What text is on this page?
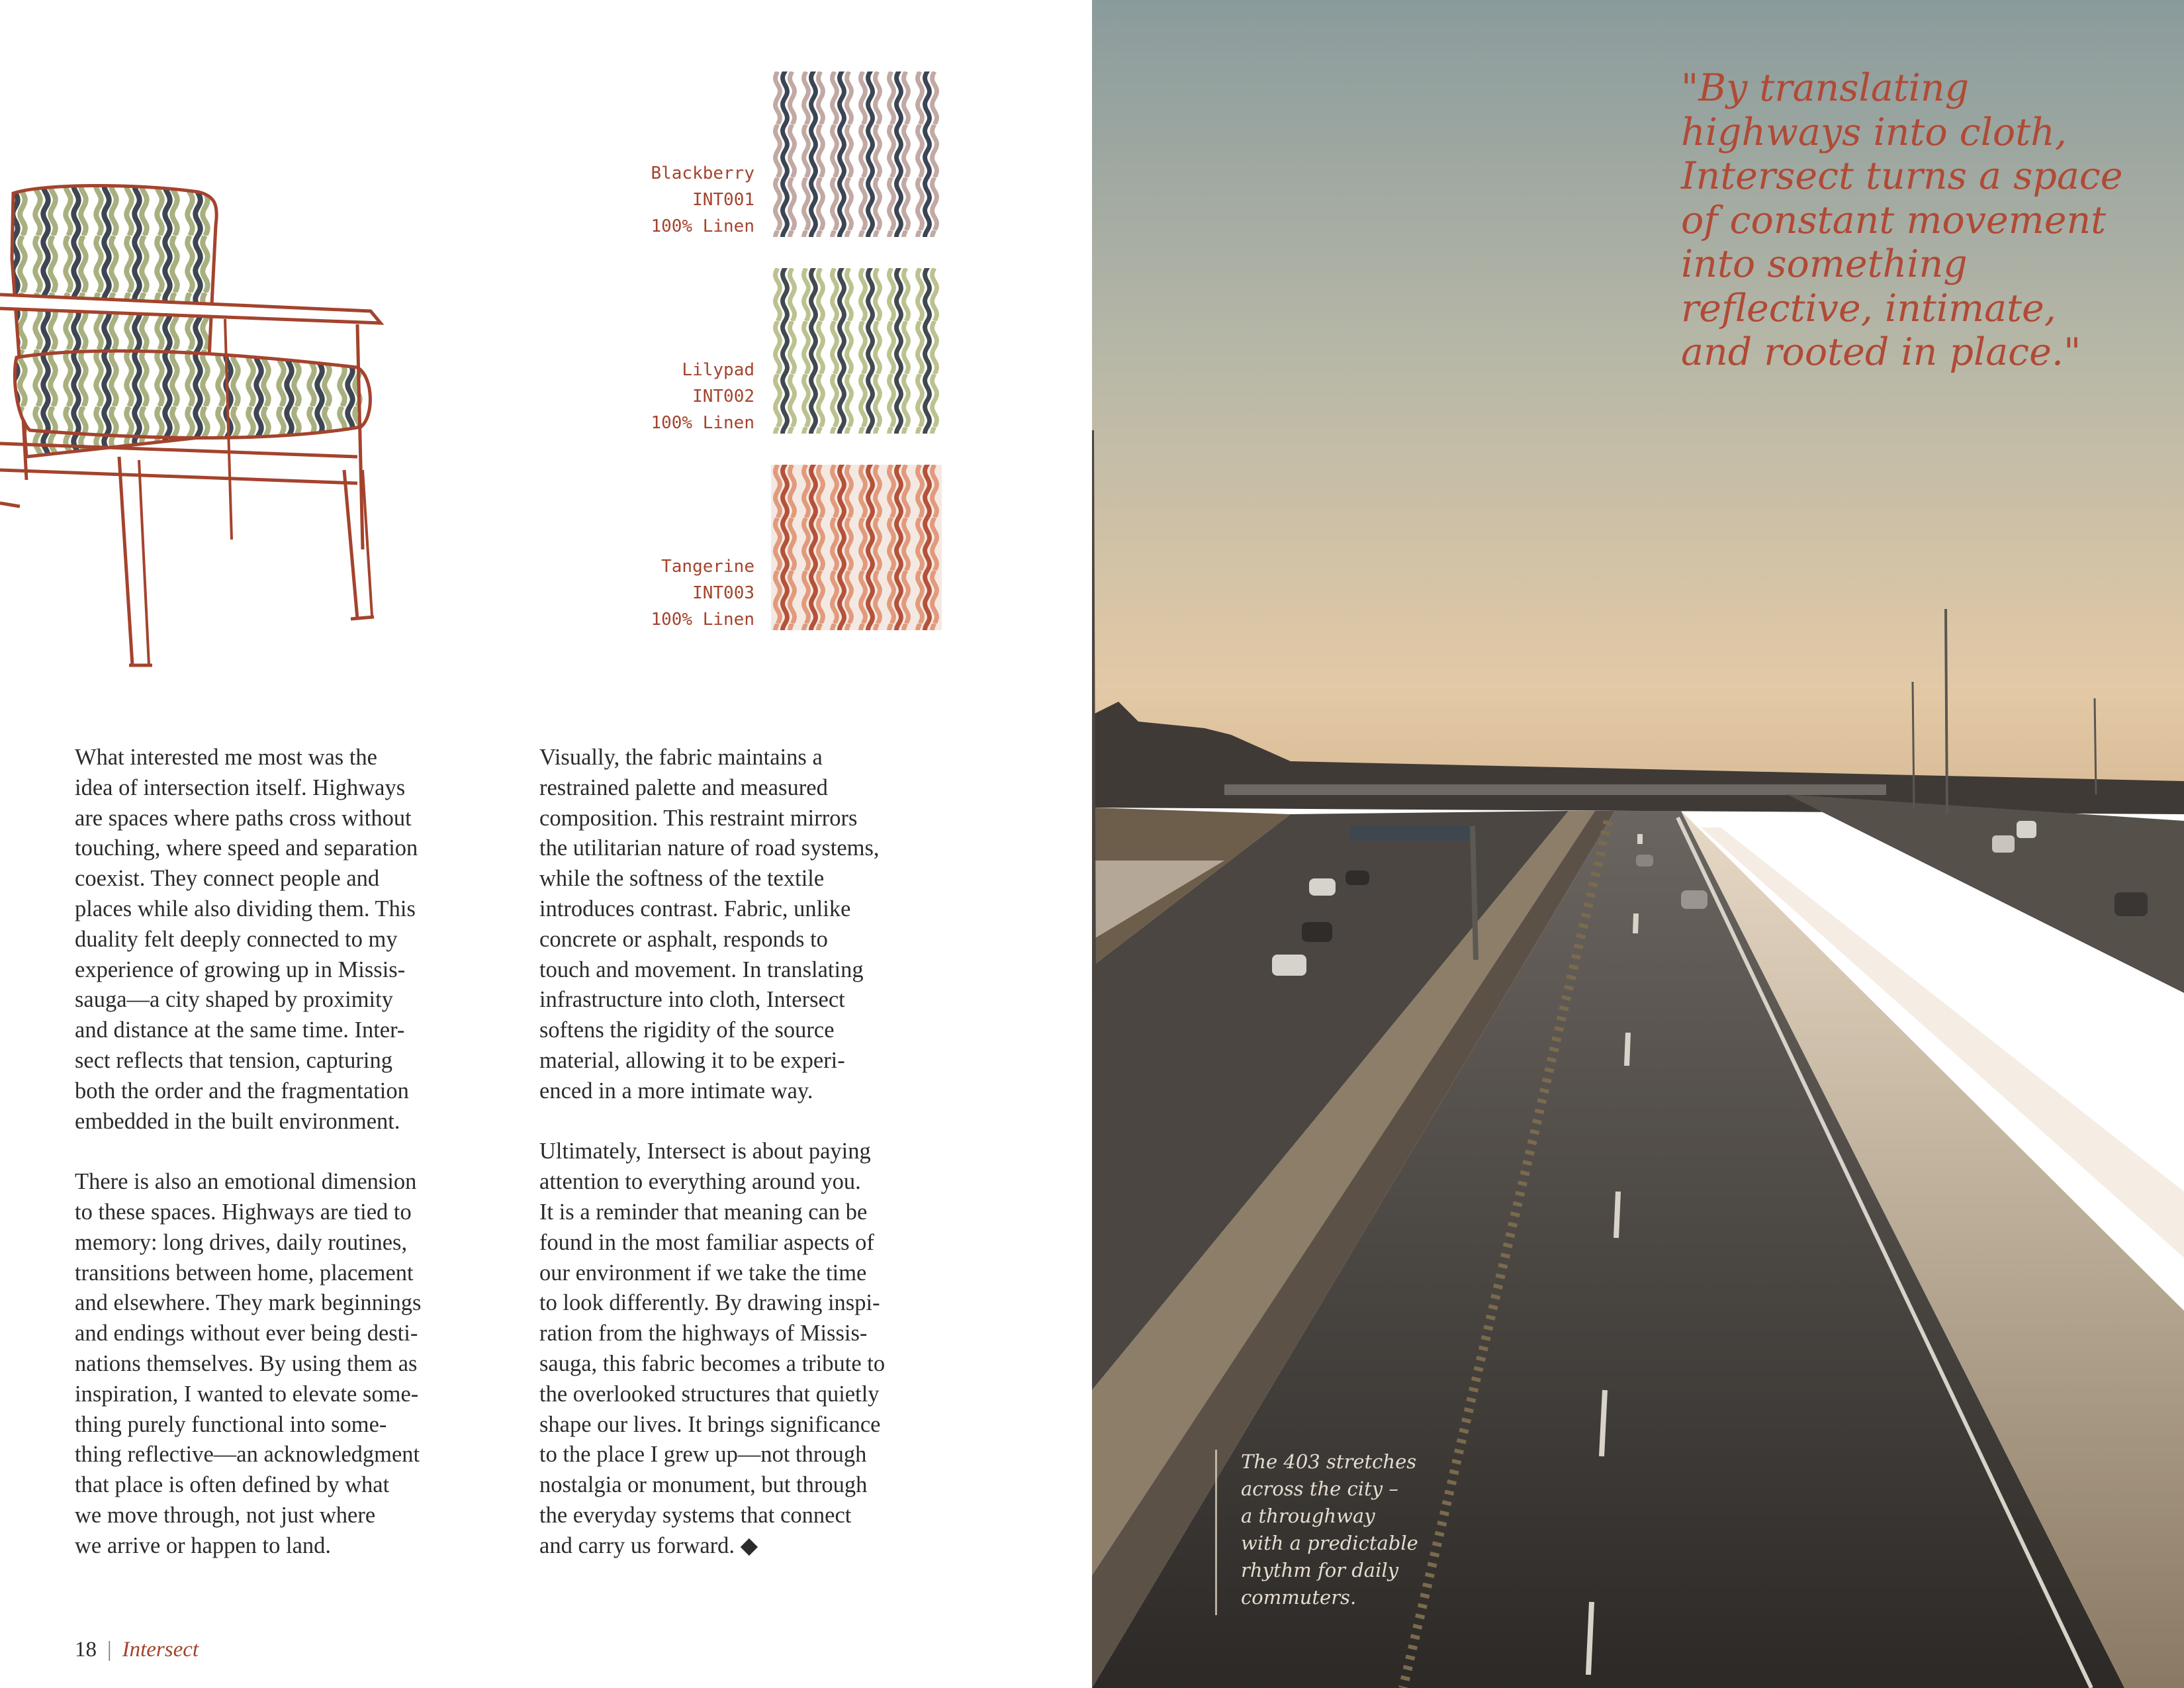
Blackberry
INT001
100% Linen
Lilypad
INT002
100% Linen
Tangerine
INT003
100% Linen

What interested me most was the
idea of intersection itself. Highways
are spaces where paths cross without
touching, where speed and separation
coexist. They connect people and
places while also dividing them. This
duality felt deeply connected to my
experience of growing up in Missis-
sauga—a city shaped by proximity
and distance at the same time. Inter-
sect reflects that tension, capturing
both the order and the fragmentation
embedded in the built environment.

There is also an emotional dimension
to these spaces. Highways are tied to
memory: long drives, daily routines,
transitions between home, placement
and elsewhere. They mark beginnings
and endings without ever being desti-
nations themselves. By using them as
inspiration, I wanted to elevate some-
thing purely functional into some-
thing reflective—an acknowledgment
that place is often defined by what
we move through, not just where
we arrive or happen to land.

Visually, the fabric maintains a
restrained palette and measured
composition. This restraint mirrors
the utilitarian nature of road systems,
while the softness of the textile
introduces contrast. Fabric, unlike
concrete or asphalt, responds to
touch and movement. In translating
infrastructure into cloth, Intersect
softens the rigidity of the source
material, allowing it to be experi-
enced in a more intimate way.

Ultimately, Intersect is about paying
attention to everything around you.
It is a reminder that meaning can be
found in the most familiar aspects of
our environment if we take the time
to look differently. By drawing inspi-
ration from the highways of Missis-
sauga, this fabric becomes a tribute to
the overlooked structures that quietly
shape our lives. It brings significance
to the place I grew up—not through
nostalgia or monument, but through
the everyday systems that connect
and carry us forward. ◆

18 | Intersect
"By translating
highways into cloth,
Intersect turns a space
of constant movement
into something
reflective, intimate,
and rooted in place."
The 403 stretches
across the city –
a throughway
with a predictable
rhythm for daily
commuters.
